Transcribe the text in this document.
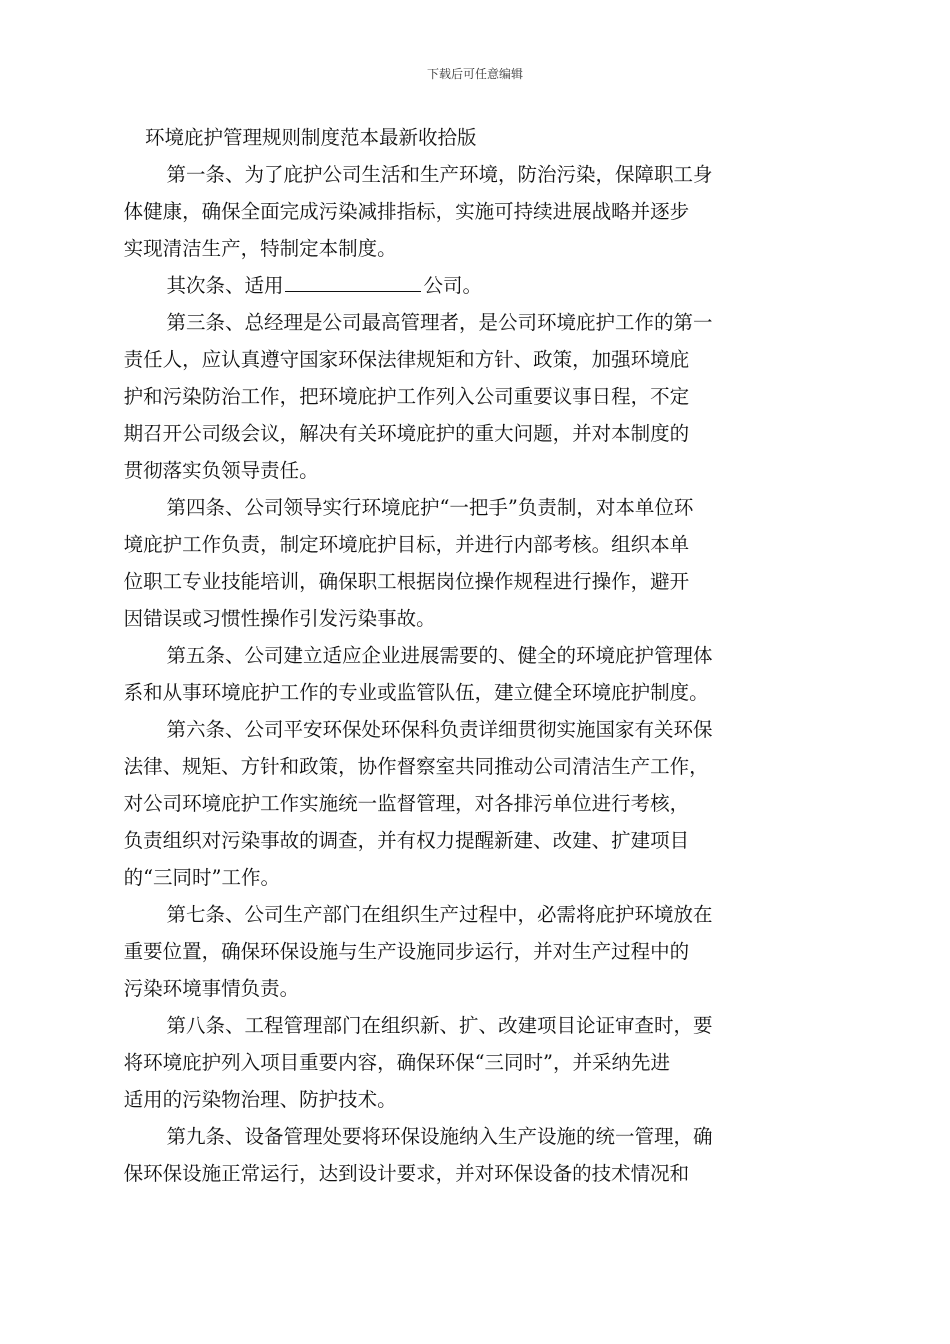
下载后可任意编辑
环境庇护管理规则制度范本最新收拾版

第一条、为了庇护公司生活和生产环境，防治污染，保障职工身
体健康，确保全面完成污染减排指标，实施可持续进展战略并逐步
实现清洁生产，特制定本制度。

其次条、适用	公司。

第三条、总经理是公司最高管理者，是公司环境庇护工作的第一
责任人，应认真遵守国家环保法律规矩和方针、政策，加强环境庇
护和污染防治工作，把环境庇护工作列入公司重要议事日程，不定
期召开公司级会议，解决有关环境庇护的重大问题，并对本制度的
贯彻落实负领导责任。

第四条、公司领导实行环境庇护“一把手”负责制，对本单位环
境庇护工作负责，制定环境庇护目标，并进行内部考核。组织本单
位职工专业技能培训，确保职工根据岗位操作规程进行操作，避开
因错误或习惯性操作引发污染事故。

第五条、公司建立适应企业进展需要的、健全的环境庇护管理体
系和从事环境庇护工作的专业或监管队伍，建立健全环境庇护制度。

第六条、公司平安环保处环保科负责详细贯彻实施国家有关环保
法律、规矩、方针和政策，协作督察室共同推动公司清洁生产工作，
对公司环境庇护工作实施统一监督管理，对各排污单位进行考核，
负责组织对污染事故的调查，并有权力提醒新建、改建、扩建项目
的“三同时”工作。

第七条、公司生产部门在组织生产过程中，必需将庇护环境放在
重要位置，确保环保设施与生产设施同步运行，并对生产过程中的
污染环境事情负责。

第八条、工程管理部门在组织新、扩、改建项目论证审查时，要
将环境庇护列入项目重要内容，确保环保“三同时”，并采纳先进
适用的污染物治理、防护技术。

第九条、设备管理处要将环保设施纳入生产设施的统一管理，确
保环保设施正常运行，达到设计要求，并对环保设备的技术情况和
